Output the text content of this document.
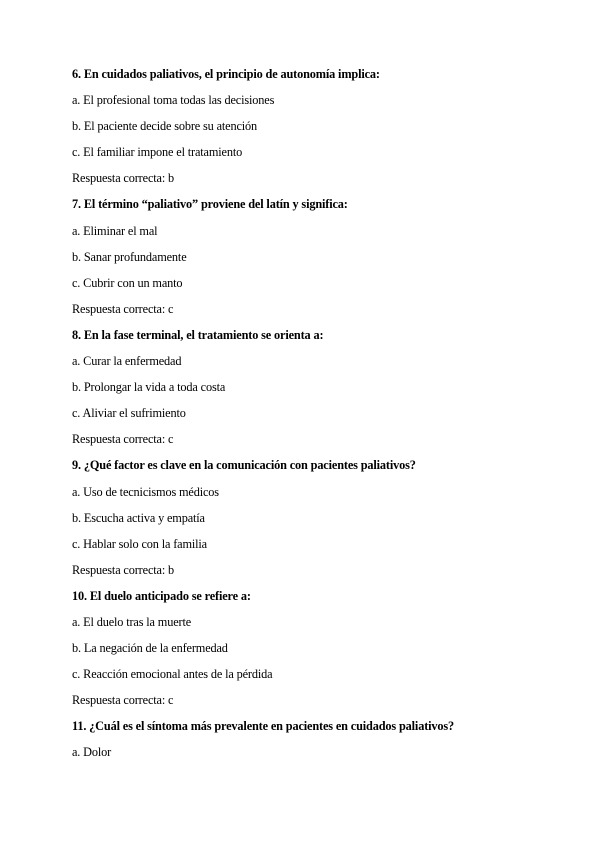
6. En cuidados paliativos, el principio de autonomía implica:
a. El profesional toma todas las decisiones
b. El paciente decide sobre su atención
c. El familiar impone el tratamiento
Respuesta correcta: b
7. El término “paliativo” proviene del latín y significa:
a. Eliminar el mal
b. Sanar profundamente
c. Cubrir con un manto
Respuesta correcta: c
8. En la fase terminal, el tratamiento se orienta a:
a. Curar la enfermedad
b. Prolongar la vida a toda costa
c. Aliviar el sufrimiento
Respuesta correcta: c
9. ¿Qué factor es clave en la comunicación con pacientes paliativos?
a. Uso de tecnicismos médicos
b. Escucha activa y empatía
c. Hablar solo con la familia
Respuesta correcta: b
10. El duelo anticipado se refiere a:
a. El duelo tras la muerte
b. La negación de la enfermedad
c. Reacción emocional antes de la pérdida
Respuesta correcta: c
11. ¿Cuál es el síntoma más prevalente en pacientes en cuidados paliativos?
a. Dolor
